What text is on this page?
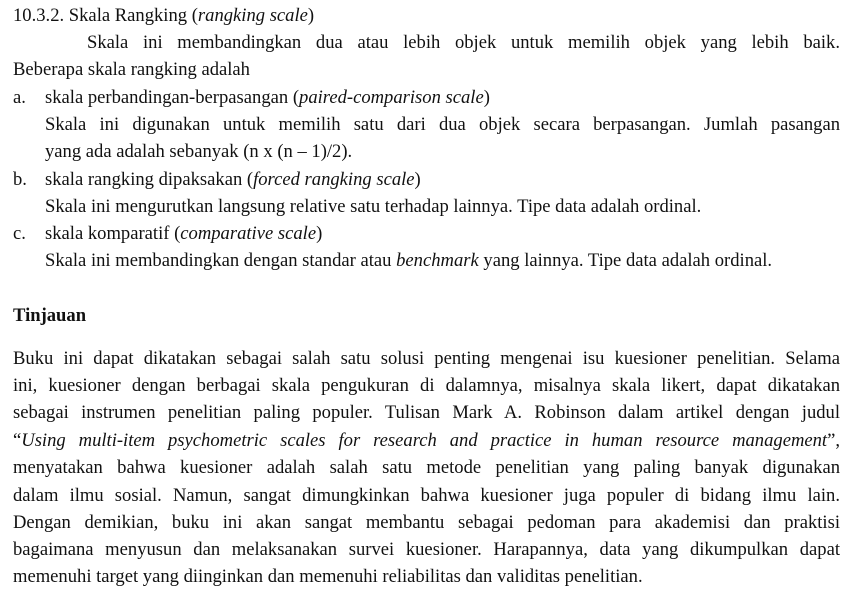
10.3.2. Skala Rangking (rangking scale)
Skala ini membandingkan dua atau lebih objek untuk memilih objek yang lebih baik.
Beberapa skala rangking adalah
a.	skala perbandingan-berpasangan (paired-comparison scale)
Skala ini digunakan untuk memilih satu dari dua objek secara berpasangan. Jumlah pasangan
yang ada adalah sebanyak (n x (n – 1)/2).
b. skala rangking dipaksakan (forced rangking scale)
Skala ini mengurutkan langsung relative satu terhadap lainnya. Tipe data adalah ordinal.
c.	skala komparatif (comparative scale)
Skala ini membandingkan dengan standar atau benchmark yang lainnya. Tipe data adalah ordinal.
Tinjauan
Buku ini dapat dikatakan sebagai salah satu solusi penting mengenai isu kuesioner penelitian. Selama
ini, kuesioner dengan berbagai skala pengukuran di dalamnya, misalnya skala likert, dapat dikatakan
sebagai instrumen penelitian paling populer. Tulisan Mark A. Robinson dalam artikel dengan judul
“Using multi-item psychometric scales for research and practice in human resource management”,
menyatakan bahwa kuesioner adalah salah satu metode penelitian yang paling banyak digunakan
dalam ilmu sosial. Namun, sangat dimungkinkan bahwa kuesioner juga populer di bidang ilmu lain.
Dengan demikian, buku ini akan sangat membantu sebagai pedoman para akademisi dan praktisi
bagaimana menyusun dan melaksanakan survei kuesioner. Harapannya, data yang dikumpulkan dapat
memenuhi target yang diinginkan dan memenuhi reliabilitas dan validitas penelitian.
